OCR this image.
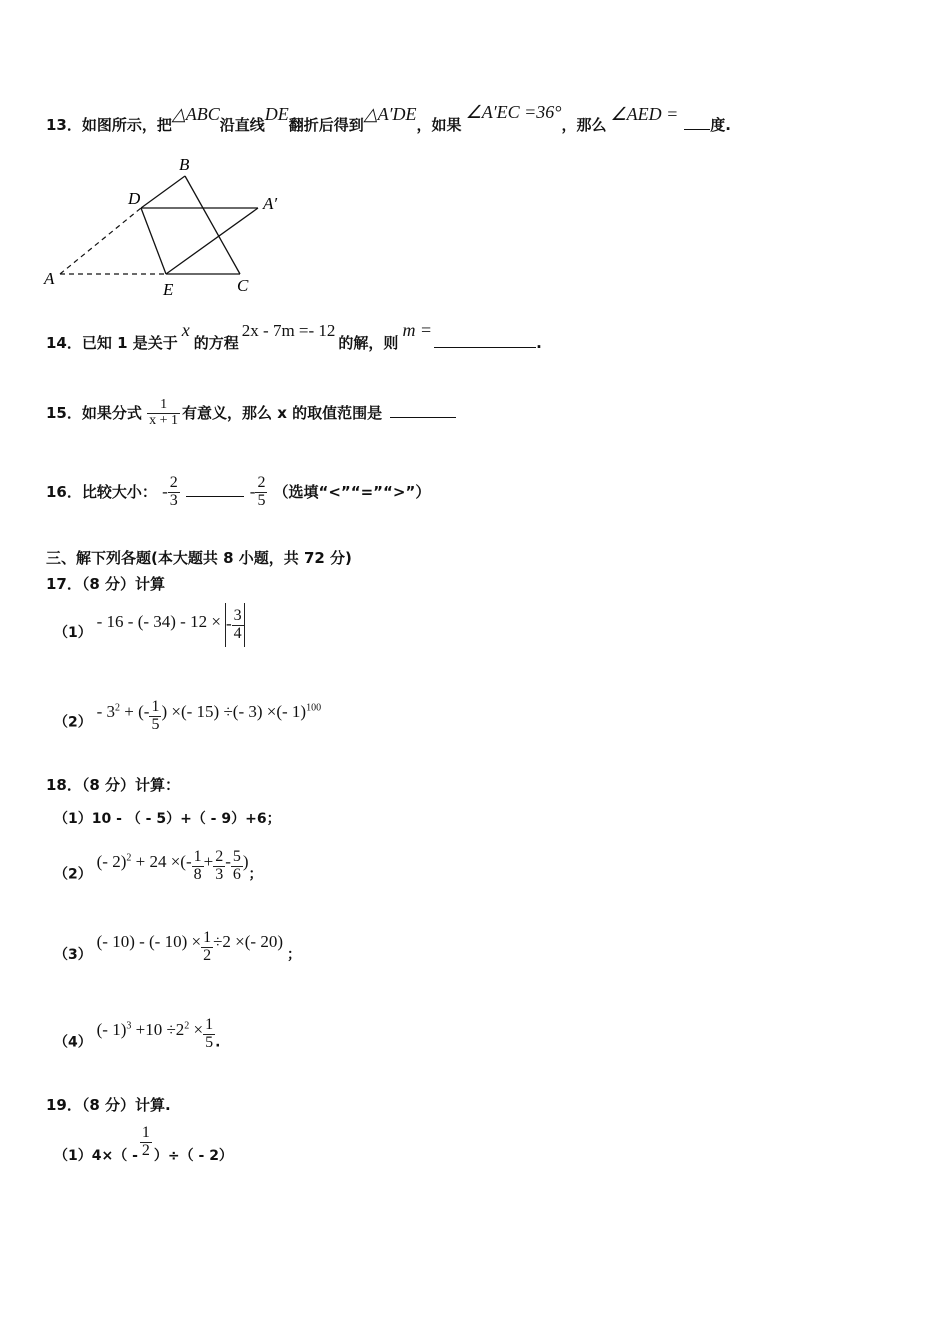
13．如图所示，把△ABC沿直线DE翻折后得到△A′DE，如果∠A′EC =36°，那么∠AED =度.
B
D	A′
A
E	C
14．已知 1 是关于x的方程2x - 7m =- 12的解，则m =.
15．如果分式 $\frac{1}{x + 1}$ 有意义，那么 x 的取值范围是
16．比较大小： - $\frac{2}{3}$	- $\frac{2}{5}$ （选填“<”“=”“>”）
三、解下列各题(本大题共 8 小题，共 72 分)
17．（8 分）计算
（1） - 16 - (- 34) - 12 × - $\frac{3}{4}$
$(2) - 3^2$ + (- $\frac{1}{5}$ ) ×(- 15) ÷(- 3) ×(- 1)$^{100}$
18．（8 分）计算：
（1）10 - （ - 5）+（ - 9）+6；
（2） (- 2)$^2$ + 24 ×(- $\frac{1}{8} + \frac{2}{3} - \frac{5}{6}$ )；
（3） (- 10) - (- $10) \times \frac{1}{2} \div 2$ ×(- 20)；
（4） (- $1)^3 +10 \div 2^2 \times \frac{1}{5}$ .
19．（8 分）计算.
$(1)4\times( - \frac{1}{2}$ ）÷（ - 2）
